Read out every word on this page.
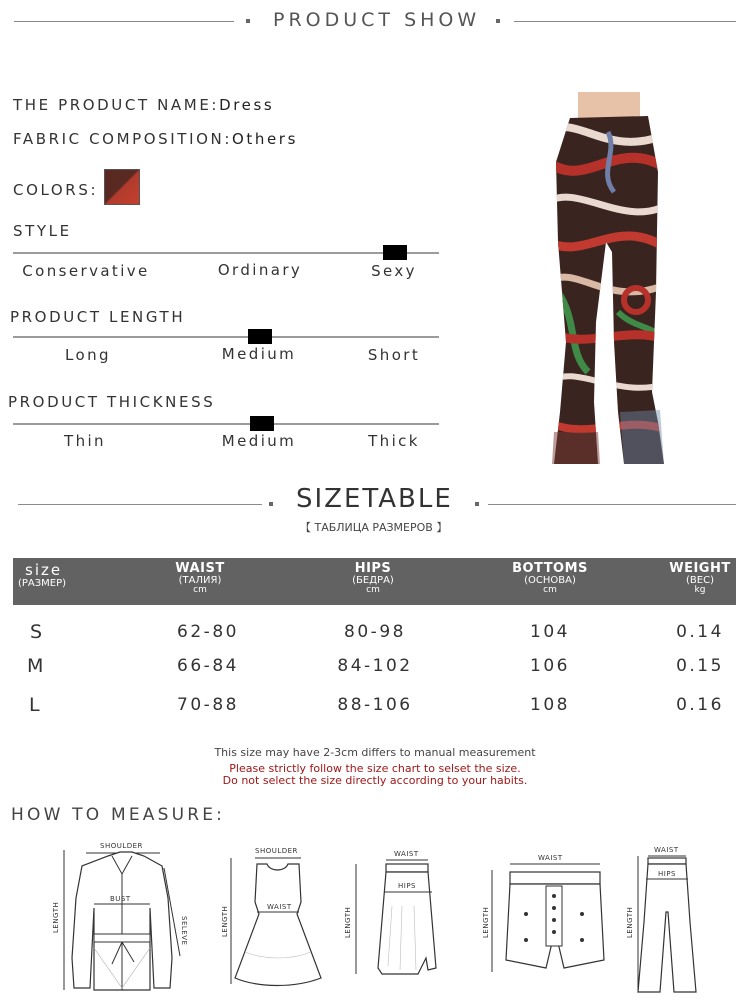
PRODUCT SHOW
THE PRODUCT NAME:Dress
FABRIC COMPOSITION:Others
COLORS:
STYLE
Conservative	Ordinary	Sexy
PRODUCT LENGTH
Long	Medium	Short
PRODUCT THICKNESS
Thin	Medium	Thick
SIZETABLE
【 ТАБЛИЦА РАЗМЕРОВ 】
size
(РАЗМЕР)
WAIST
(ТАЛИЯ)
cm
HIPS
(БЕДРА)
cm
BOTTOMS
(ОСНОВА)
cm
WEIGHT
(ВЕС)
kg
S	62-80	80-98	104	0.14
M	66-84	84-102	106	0.15
L	70-88	88-106	108	0.16
This size may have 2-3cm differs to manual measurement
Please strictly follow the size chart to selset the size.
Do not select the size directly according to your habits.
HOW TO MEASURE:
SHOULDER
LENGTH
BUST
SELEVE
SHOULDER
LENGTH	WAIST
WAIST
LENGTH
HIPS
WAIST
LENGTH
WAIST
LENGTH
HIPS
